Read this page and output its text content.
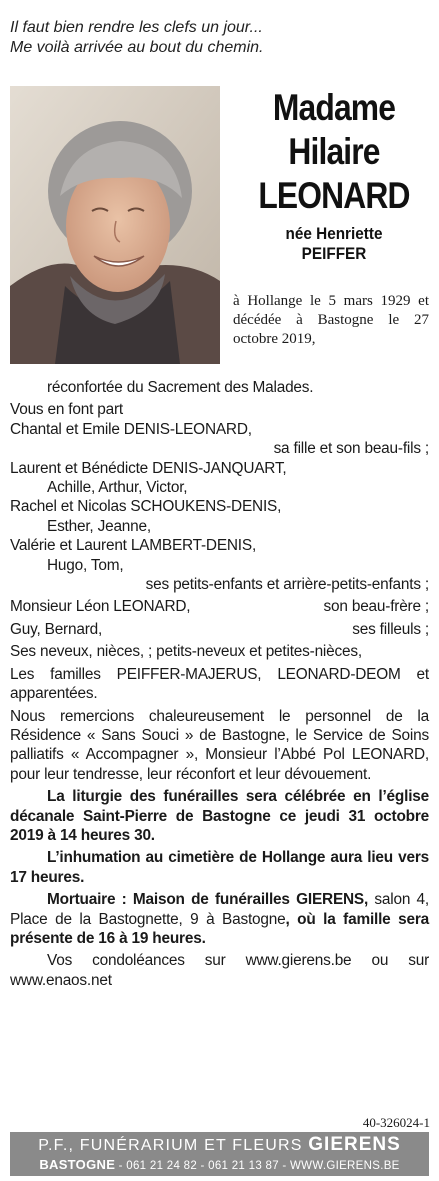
Il faut bien rendre les clefs un jour...
Me voilà arrivée au bout du chemin.
Madame
Hilaire
LEONARD
née Henriette
PEIFFER
à Hollange le 5 mars 1929 et décédée à Bastogne le 27 octobre 2019,
réconfortée du Sacrement des Malades.
Vous en font part
Chantal et Emile DENIS-LEONARD,
sa fille et son beau-fils ;
Laurent et Bénédicte DENIS-JANQUART,
Achille, Arthur, Victor,
Rachel et Nicolas SCHOUKENS-DENIS,
Esther, Jeanne,
Valérie et Laurent LAMBERT-DENIS,
Hugo, Tom,
ses petits-enfants et arrière-petits-enfants ;
Monsieur Léon LEONARD,	son beau-frère ;
Guy, Bernard,	ses filleuls ;
Ses neveux, nièces, ; petits-neveux et petites-nièces,
Les familles PEIFFER-MAJERUS, LEONARD-DEOM et apparentées.
Nous remercions chaleureusement le personnel de la Résidence « Sans Souci » de Bastogne, le Service de Soins palliatifs « Accompagner », Monsieur l’Abbé Pol LEONARD, pour leur tendresse, leur réconfort et leur dévouement.
La liturgie des funérailles sera célébrée en l’église décanale Saint-Pierre de Bastogne ce jeudi 31 octobre 2019 à 14 heures 30.
L’inhumation au cimetière de Hollange aura lieu vers 17 heures.
Mortuaire : Maison de funérailles GIERENS, salon 4, Place de la Bastognette, 9 à Bastogne, où la famille sera présente de 16 à 19 heures.
Vos condoléances sur www.gierens.be ou sur www.enaos.net
40-326024-1
P.F., FUNÉRARIUM ET FLEURS GIERENS
BASTOGNE - 061 21 24 82 - 061 21 13 87 - WWW.GIERENS.BE
